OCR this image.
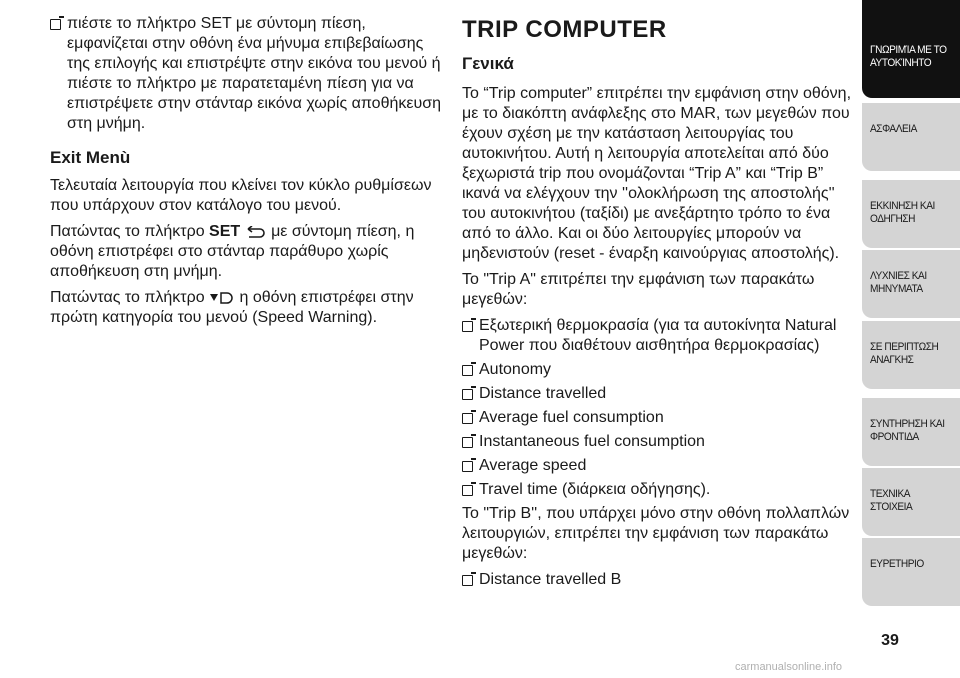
πιέστε το πλήκτρο SET με σύντομη πίεση, εμφανίζεται στην οθόνη ένα μήνυμα επιβεβαίωσης της επιλογής και επιστρέψτε στην εικόνα του μενού ή πιέστε το πλήκτρο με παρατεταμένη πίεση για να επιστρέψετε στην στάνταρ εικόνα χωρίς αποθήκευση στη μνήμη.
Exit Menù

Τελευταία λειτουργία που κλείνει τον κύκλο ρυθμίσεων που υπάρχουν στον κατάλογο του μενού.

Πατώντας το πλήκτρο SET με σύντομη πίεση, η οθόνη επιστρέφει στο στάνταρ παράθυρο χωρίς αποθήκευση στη μνήμη.

Πατώντας το πλήκτρο η οθόνη επιστρέφει στην πρώτη κατηγορία του μενού (Speed Warning).

TRIP COMPUTER
Γενικά

Το “Trip computer” επιτρέπει την εμφάνιση στην οθόνη, με το διακόπτη ανάφλεξης στο MAR, των μεγεθών που έχουν σχέση με την κατάσταση λειτουργίας του αυτοκινήτου. Αυτή η λειτουργία αποτελείται από δύο ξεχωριστά trip που ονομάζονται “Trip A” και “Trip B” ικανά να ελέγχουν την ''ολοκλήρωση της αποστολής'' του αυτοκινήτου (ταξίδι) με ανεξάρτητο τρόπο το ένα από το άλλο. Και οι δύο λειτουργίες μπορούν να μηδενιστούν (reset - έναρξη καινούργιας αποστολής).

Το "Trip A" επιτρέπει την εμφάνιση των παρακάτω μεγεθών:

Εξωτερική θερμοκρασία (για τα αυτοκίνητα Natural Power που διαθέτουν αισθητήρα θερμοκρασίας)
Autonomy
Distance travelled
Average fuel consumption
Instantaneous fuel consumption
Average speed
Travel time (διάρκεια οδήγησης).

Το "Trip B'', που υπάρχει μόνο στην οθόνη πολλαπλών λειτουργιών, επιτρέπει την εμφάνιση των παρακάτω μεγεθών:

Distance travelled B
ΓΝΩΡΙΜΊΑ ΜΕ ΤΟ ΑΥΤΟΚΊΝΗΤΟ
ΑΣΦΑΛΕΙΑ
ΕΚΚΙΝΗΣΗ ΚΑΙ ΟΔΗΓΗΣΗ
ΛΥΧΝΙΕΣ ΚΑΙ ΜΗΝΥΜΑΤΑ
ΣΕ ΠΕΡΙΠΤΩΣΗ ΑΝΑΓΚΗΣ
ΣΥΝΤΗΡΗΣΗ ΚΑΙ ΦΡΟΝΤΙΔΑ
ΤΕΧΝΙΚΑ ΣΤΟΙΧΕΙΑ
ΕΥΡΕΤΗΡΙΟ
39
carmanualsonline.info
